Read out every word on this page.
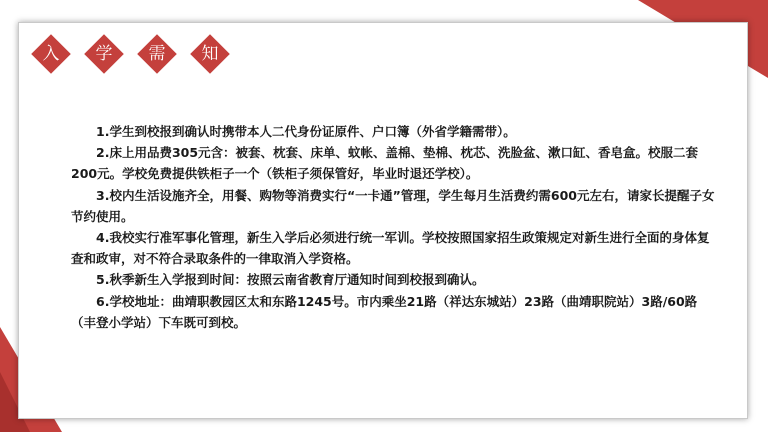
入	学	需	知

1.学生到校报到确认时携带本人二代身份证原件、户口簿（外省学籍需带）。

2.床上用品费305元含：被套、枕套、床单、蚊帐、盖棉、垫棉、枕芯、洗脸盆、漱口缸、香皂盒。校服二套200元。学校免费提供铁柜子一个（铁柜子须保管好，毕业时退还学校）。

3.校内生活设施齐全，用餐、购物等消费实行“一卡通”管理，学生每月生活费约需600元左右，请家长提醒子女节约使用。

4.我校实行准军事化管理，新生入学后必须进行统一军训。学校按照国家招生政策规定对新生进行全面的身体复查和政审，对不符合录取条件的一律取消入学资格。

5.秋季新生入学报到时间：按照云南省教育厅通知时间到校报到确认。

6.学校地址：曲靖职教园区太和东路1245号。市内乘坐21路（祥达东城站）23路（曲靖职院站）3路/60路（丰登小学站）下车既可到校。
